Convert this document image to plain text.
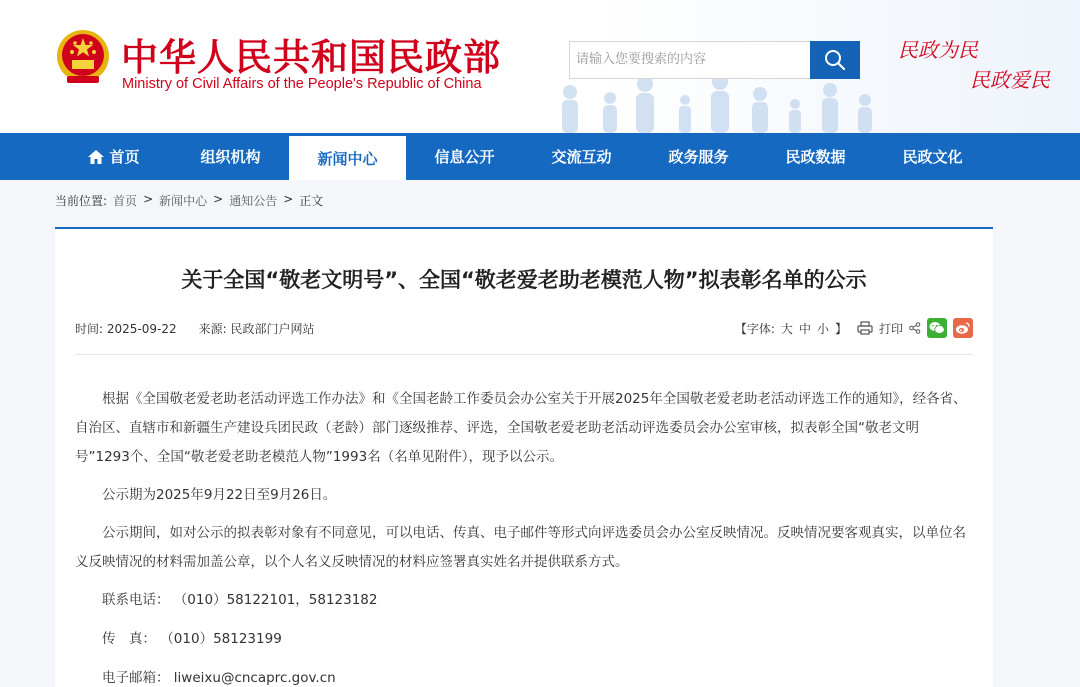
中华人民共和国民政部
Ministry of Civil Affairs of the People's Republic of China
请输入您要搜索的内容	民政为民
民政爱民
首页	组织机构	新闻中心	信息公开	交流互动	政务服务	民政数据	民政文化
当前位置: 首页 > 新闻中心 > 通知公告 > 正文
关于全国“敬老文明号”、全国“敬老爱老助老模范人物”拟表彰名单的公示
时间: 2025-09-22 来源: 民政部门户网站	【字体: 大 中 小 】	打印

根据《全国敬老爱老助老活动评选工作办法》和《全国老龄工作委员会办公室关于开展2025年全国敬老爱老助老活动评选工作的通知》，经各省、自治区、直辖市和新疆生产建设兵团民政（老龄）部门逐级推荐、评选，全国敬老爱老助老活动评选委员会办公室审核，拟表彰全国“敬老文明号”1293个、全国“敬老爱老助老模范人物”1993名（名单见附件），现予以公示。

公示期为2025年9月22日至9月26日。

公示期间，如对公示的拟表彰对象有不同意见，可以电话、传真、电子邮件等形式向评选委员会办公室反映情况。反映情况要客观真实，以单位名义反映情况的材料需加盖公章，以个人名义反映情况的材料应签署真实姓名并提供联系方式。

联系电话： （010）58122101，58123182

传　真： （010）58123199

电子邮箱： liweixu@cncaprc.gov.cn
